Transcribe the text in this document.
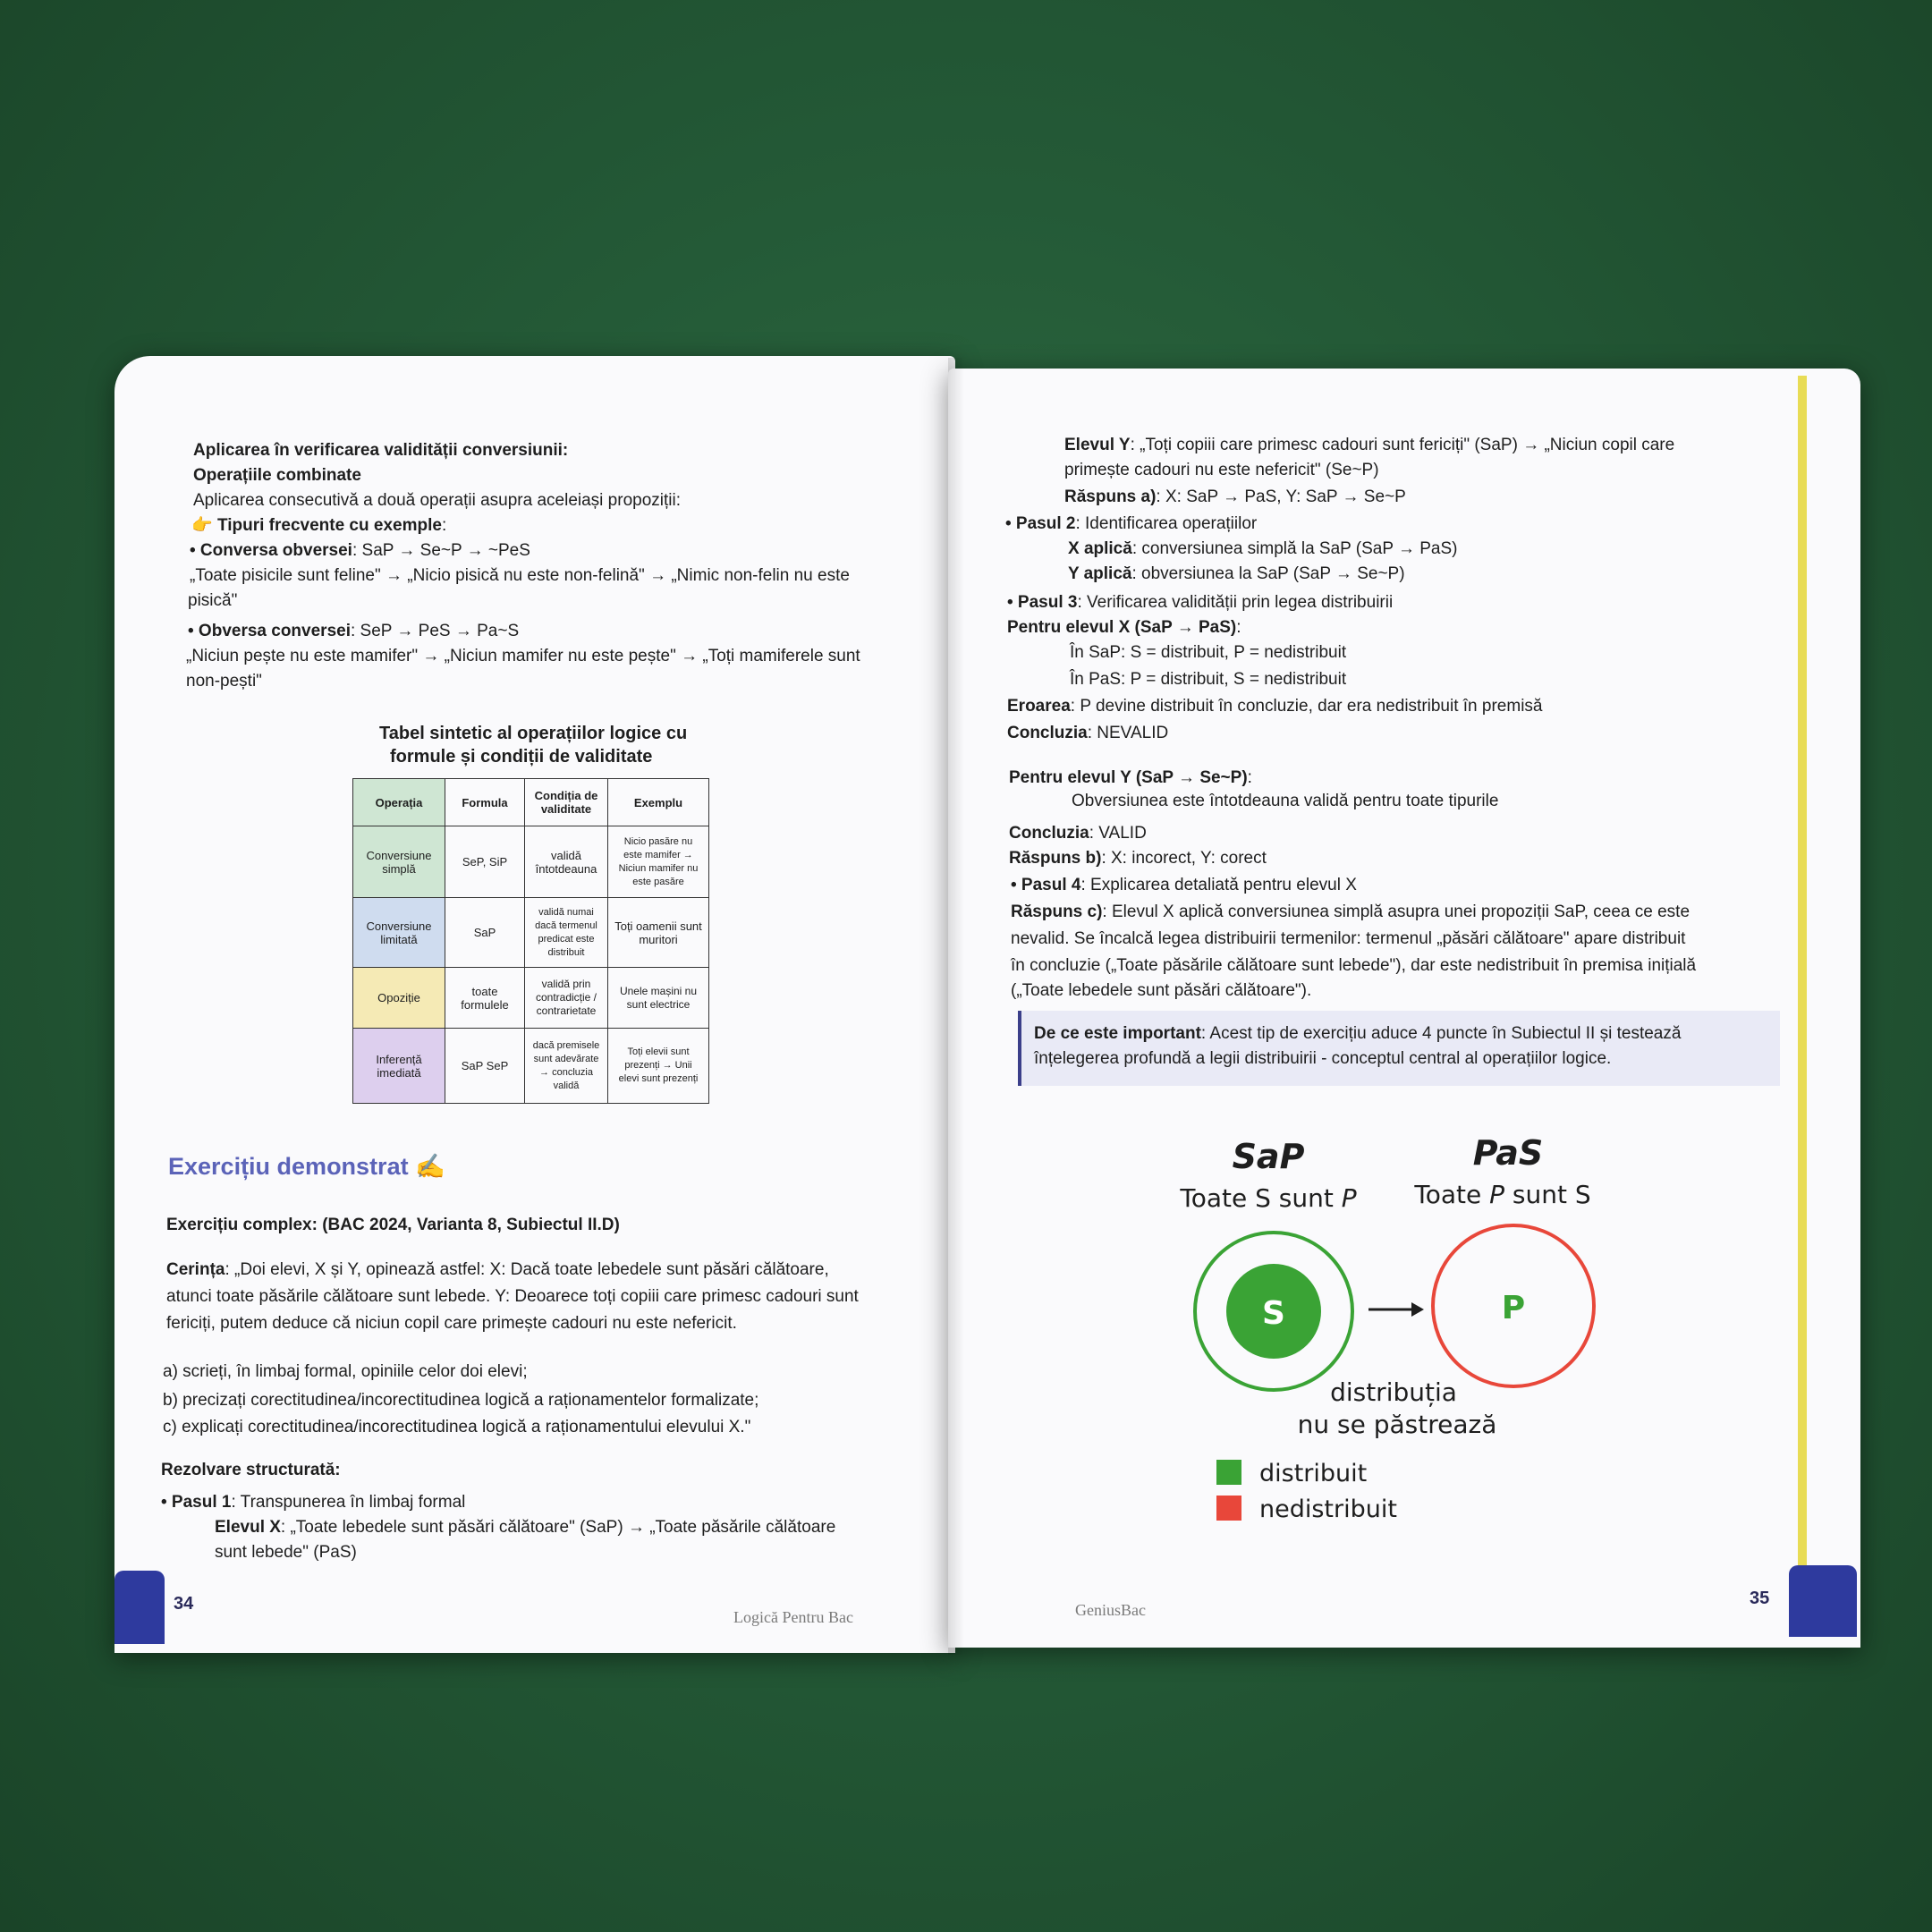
Aplicarea în verificarea validității conversiunii:
Operațiile combinate
Aplicarea consecutivă a două operații asupra aceleiași propoziții:
👉 Tipuri frecvente cu exemple:
• Conversa obversei: SaP → Se~P → ~PeS
„Toate pisicile sunt feline" → „Nicio pisică nu este non-felină" → „Nimic non-felin nu este
pisică"
• Obversa conversei: SeP → PeS → Pa~S
„Niciun pește nu este mamifer" → „Niciun mamifer nu este pește" → „Toți mamiferele sunt
non-pești"
Tabel sintetic al operațiilor logice cu
formule și condiții de validitate
Operația	Formula	Condiția de validitate	Exemplu
Conversiune simplă	SeP, SiP	validă întotdeauna	Nicio pasăre nu este mamifer → Niciun mamifer nu este pasăre
Conversiune limitată	SaP	validă numai dacă termenul predicat este distribuit	Toți oamenii sunt muritori
Opoziție	toate formulele	validă prin contradicție / contrarietate	Unele mașini nu sunt electrice
Inferență imediată	SaP SeP	dacă premisele sunt adevărate → concluzia validă	Toți elevii sunt prezenți → Unii elevi sunt prezenți
Exercițiu demonstrat ✍
Exercițiu complex: (BAC 2024, Varianta 8, Subiectul II.D)
Cerința: „Doi elevi, X și Y, opinează astfel: X: Dacă toate lebedele sunt păsări călătoare,
atunci toate păsările călătoare sunt lebede. Y: Deoarece toți copiii care primesc cadouri sunt
fericiți, putem deduce că niciun copil care primește cadouri nu este nefericit.
a) scrieți, în limbaj formal, opiniile celor doi elevi;
b) precizați corectitudinea/incorectitudinea logică a raționamentelor formalizate;
c) explicați corectitudinea/incorectitudinea logică a raționamentului elevului X."
Rezolvare structurată:
• Pasul 1: Transpunerea în limbaj formal
Elevul X: „Toate lebedele sunt păsări călătoare" (SaP) → „Toate păsările călătoare
sunt lebede" (PaS)
34
Logică Pentru Bac
Elevul Y: „Toți copiii care primesc cadouri sunt fericiți" (SaP) → „Niciun copil care
primește cadouri nu este nefericit" (Se~P)
Răspuns a): X: SaP → PaS, Y: SaP → Se~P
• Pasul 2: Identificarea operațiilor
X aplică: conversiunea simplă la SaP (SaP → PaS)
Y aplică: obversiunea la SaP (SaP → Se~P)
• Pasul 3: Verificarea validității prin legea distribuirii
Pentru elevul X (SaP → PaS):
În SaP: S = distribuit, P = nedistribuit
În PaS: P = distribuit, S = nedistribuit
Eroarea: P devine distribuit în concluzie, dar era nedistribuit în premisă
Concluzia: NEVALID
Pentru elevul Y (SaP → Se~P):
Obversiunea este întotdeauna validă pentru toate tipurile
Concluzia: VALID
Răspuns b): X: incorect, Y: corect
• Pasul 4: Explicarea detaliată pentru elevul X
Răspuns c): Elevul X aplică conversiunea simplă asupra unei propoziții SaP, ceea ce este
nevalid. Se încalcă legea distribuirii termenilor: termenul „păsări călătoare" apare distribuit
în concluzie („Toate păsările călătoare sunt lebede"), dar este nedistribuit în premisa inițială
(„Toate lebedele sunt păsări călătoare").
De ce este important: Acest tip de exercițiu aduce 4 puncte în Subiectul II și testează
înțelegerea profundă a legii distribuirii - conceptul central al operațiilor logice.
SaP
Toate S sunt P
PaS
Toate P sunt S
S	P
distribuția
nu se păstrează
distribuit
nedistribuit
35
GeniusBac
